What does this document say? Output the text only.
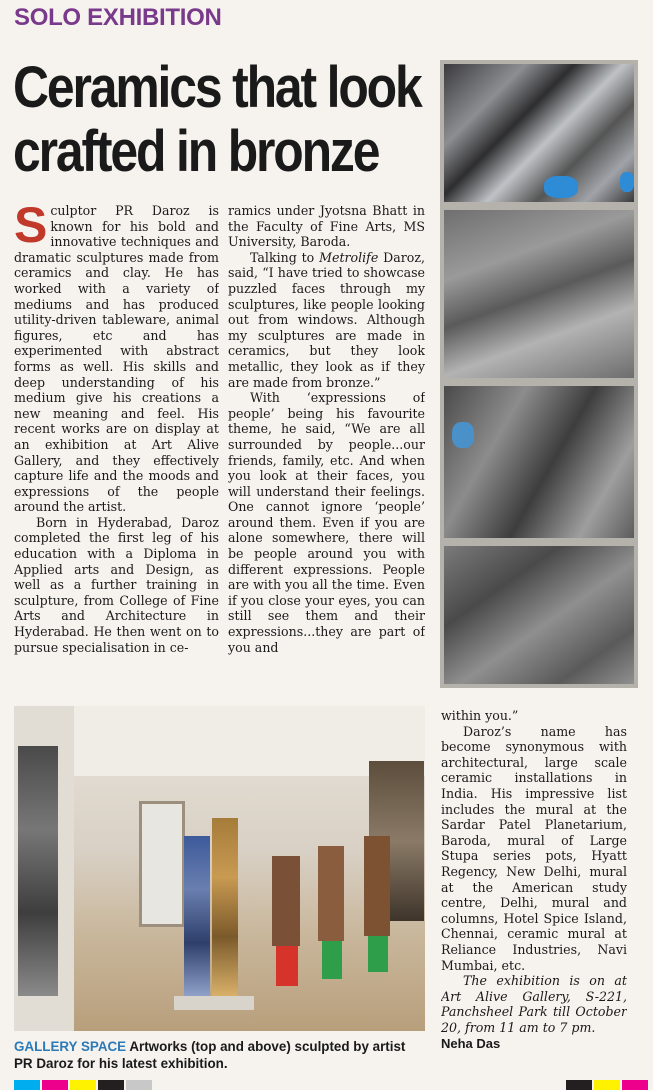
SOLO EXHIBITION
Ceramics that look
crafted in bronze

Sculptor PR Daroz is known for his bold and innovative techniques and dramatic sculptures made from ceramics and clay. He has worked with a variety of mediums and has produced utility-driven tableware, animal figures, etc and has experimented with abstract forms as well. His skills and deep understanding of his medium give his creations a new meaning and feel. His recent works are on display at an exhibition at Art Alive Gallery, and they effectively capture life and the moods and expressions of the people around the artist.

Born in Hyderabad, Daroz completed the first leg of his education with a Diploma in Applied arts and Design, as well as a further training in sculpture, from College of Fine Arts and Architecture in Hyderabad. He then went on to pursue specialisation in ce-

ramics under Jyotsna Bhatt in the Faculty of Fine Arts, MS University, Baroda.

Talking to Metrolife Daroz, said, “I have tried to showcase puzzled faces through my sculptures, like people looking out from windows. Although my sculptures are made in ceramics, but they look metallic, they look as if they are made from bronze.”

With ‘expressions of people’ being his favourite theme, he said, “We are all surrounded by people...our friends, family, etc. And when you look at their faces, you will understand their feelings. One cannot ignore ‘people’ around them. Even if you are alone somewhere, there will be people around you with different expressions. People are with you all the time. Even if you close your eyes, you can still see them and their expressions...they are part of you and

within you.”

Daroz’s name has become synonymous with architectural, large scale ceramic installations in India. His impressive list includes the mural at the Sardar Patel Planetarium, Baroda, mural of Large Stupa series pots, Hyatt Regency, New Delhi, mural at the American study centre, Delhi, mural and columns, Hotel Spice Island, Chennai, ceramic mural at Reliance Industries, Navi Mumbai, etc.

The exhibition is on at Art Alive Gallery, S-221, Panchsheel Park till October 20, from 11 am to 7 pm.

Neha Das
GALLERY SPACE Artworks (top and above) sculpted by artist PR Daroz for his latest exhibition.
